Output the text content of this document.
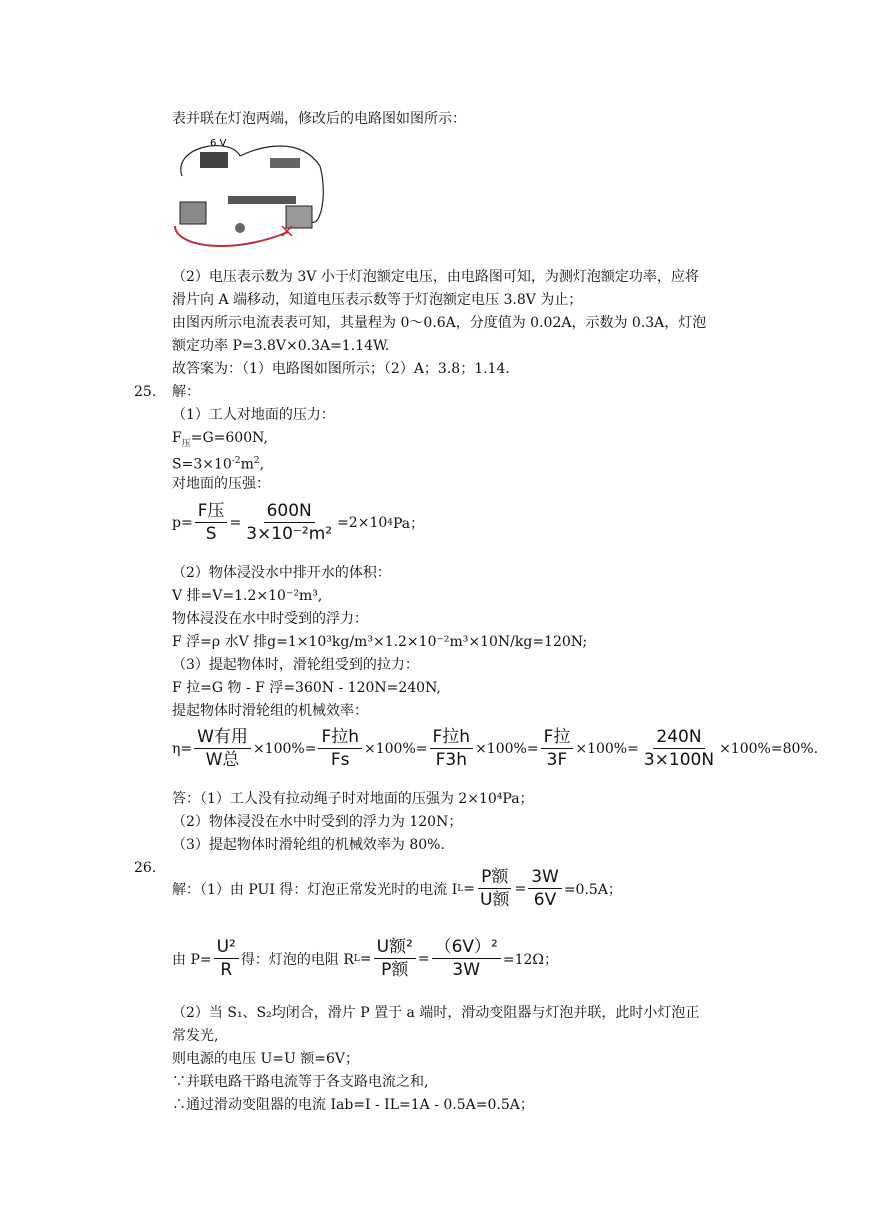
表并联在灯泡两端，修改后的电路图如图所示：
6 V
（2）电压表示数为 3V 小于灯泡额定电压，由电路图可知，为测灯泡额定功率，应将
滑片向 A 端移动，知道电压表示数等于灯泡额定电压 3.8V 为止；
由图丙所示电流表表可知，其量程为 0～0.6A，分度值为 0.02A，示数为 0.3A，灯泡
额定功率 P=3.8V×0.3A=1.14W.
故答案为：（1）电路图如图所示；（2）A；3.8；1.14.
25. 解：
（1）工人对地面的压力：
$F_压=G=600N$,
$S=3\times 10^{-2}m^2$,
对地面的压强：
$p= \frac{\text{F压}}{S} = \frac{600N}{\text{3×10⁻²m²}} =2\times 10$ 4 Pa；
（2）物体浸没水中排开水的体积：
V 排=V=1.2×10⁻²m³,
物体浸没在水中时受到的浮力：
F 浮=ρ 水V 排g=1×10³kg/m³×1.2×10⁻²m³×10N/kg=120N;
（3）提起物体时，滑轮组受到的拉力：
F 拉=G 物 - F 浮=360N - 120N=240N,
提起物体时滑轮组的机械效率：
$\eta= \frac{\text{W有用}}{\text{W总}} \times 100\%= \frac{\text{F拉h}}{Fs} \times 100\%= \frac{\text{F拉h}}{F3h} \times 100\%= \frac{\text{F拉}}{3F} \times 100\%= \frac{240N}{3\times 100N} \times 100\%=80\%$.
答：（1）工人没有拉动绳子时对地面的压强为 2×10⁴Pa；
（2）物体浸没在水中时受到的浮力为 120N；
（3）提起物体时滑轮组的机械效率为 80%.
26.
解：（1）由 PUI 得：灯泡正常发光时的电流 I $L = \frac{\text{P额}}{\text{U额}} = \frac{3W}{6V} =0.5A$；
由 $P= \frac{\text{U²}}{R}$ 得：灯泡的电阻 R $L = \frac{\text{U额²}}{\text{P额}} = \frac{\text{（6V）²}}{3W} =12\Omega$；
（2）当 S₁、S₂均闭合，滑片 P 置于 a 端时，滑动变阻器与灯泡并联，此时小灯泡正
常发光,
则电源的电压 U=U 额=6V；
∵并联电路干路电流等于各支路电流之和,
∴通过滑动变阻器的电流 Iab=I - IL=1A - 0.5A=0.5A；
